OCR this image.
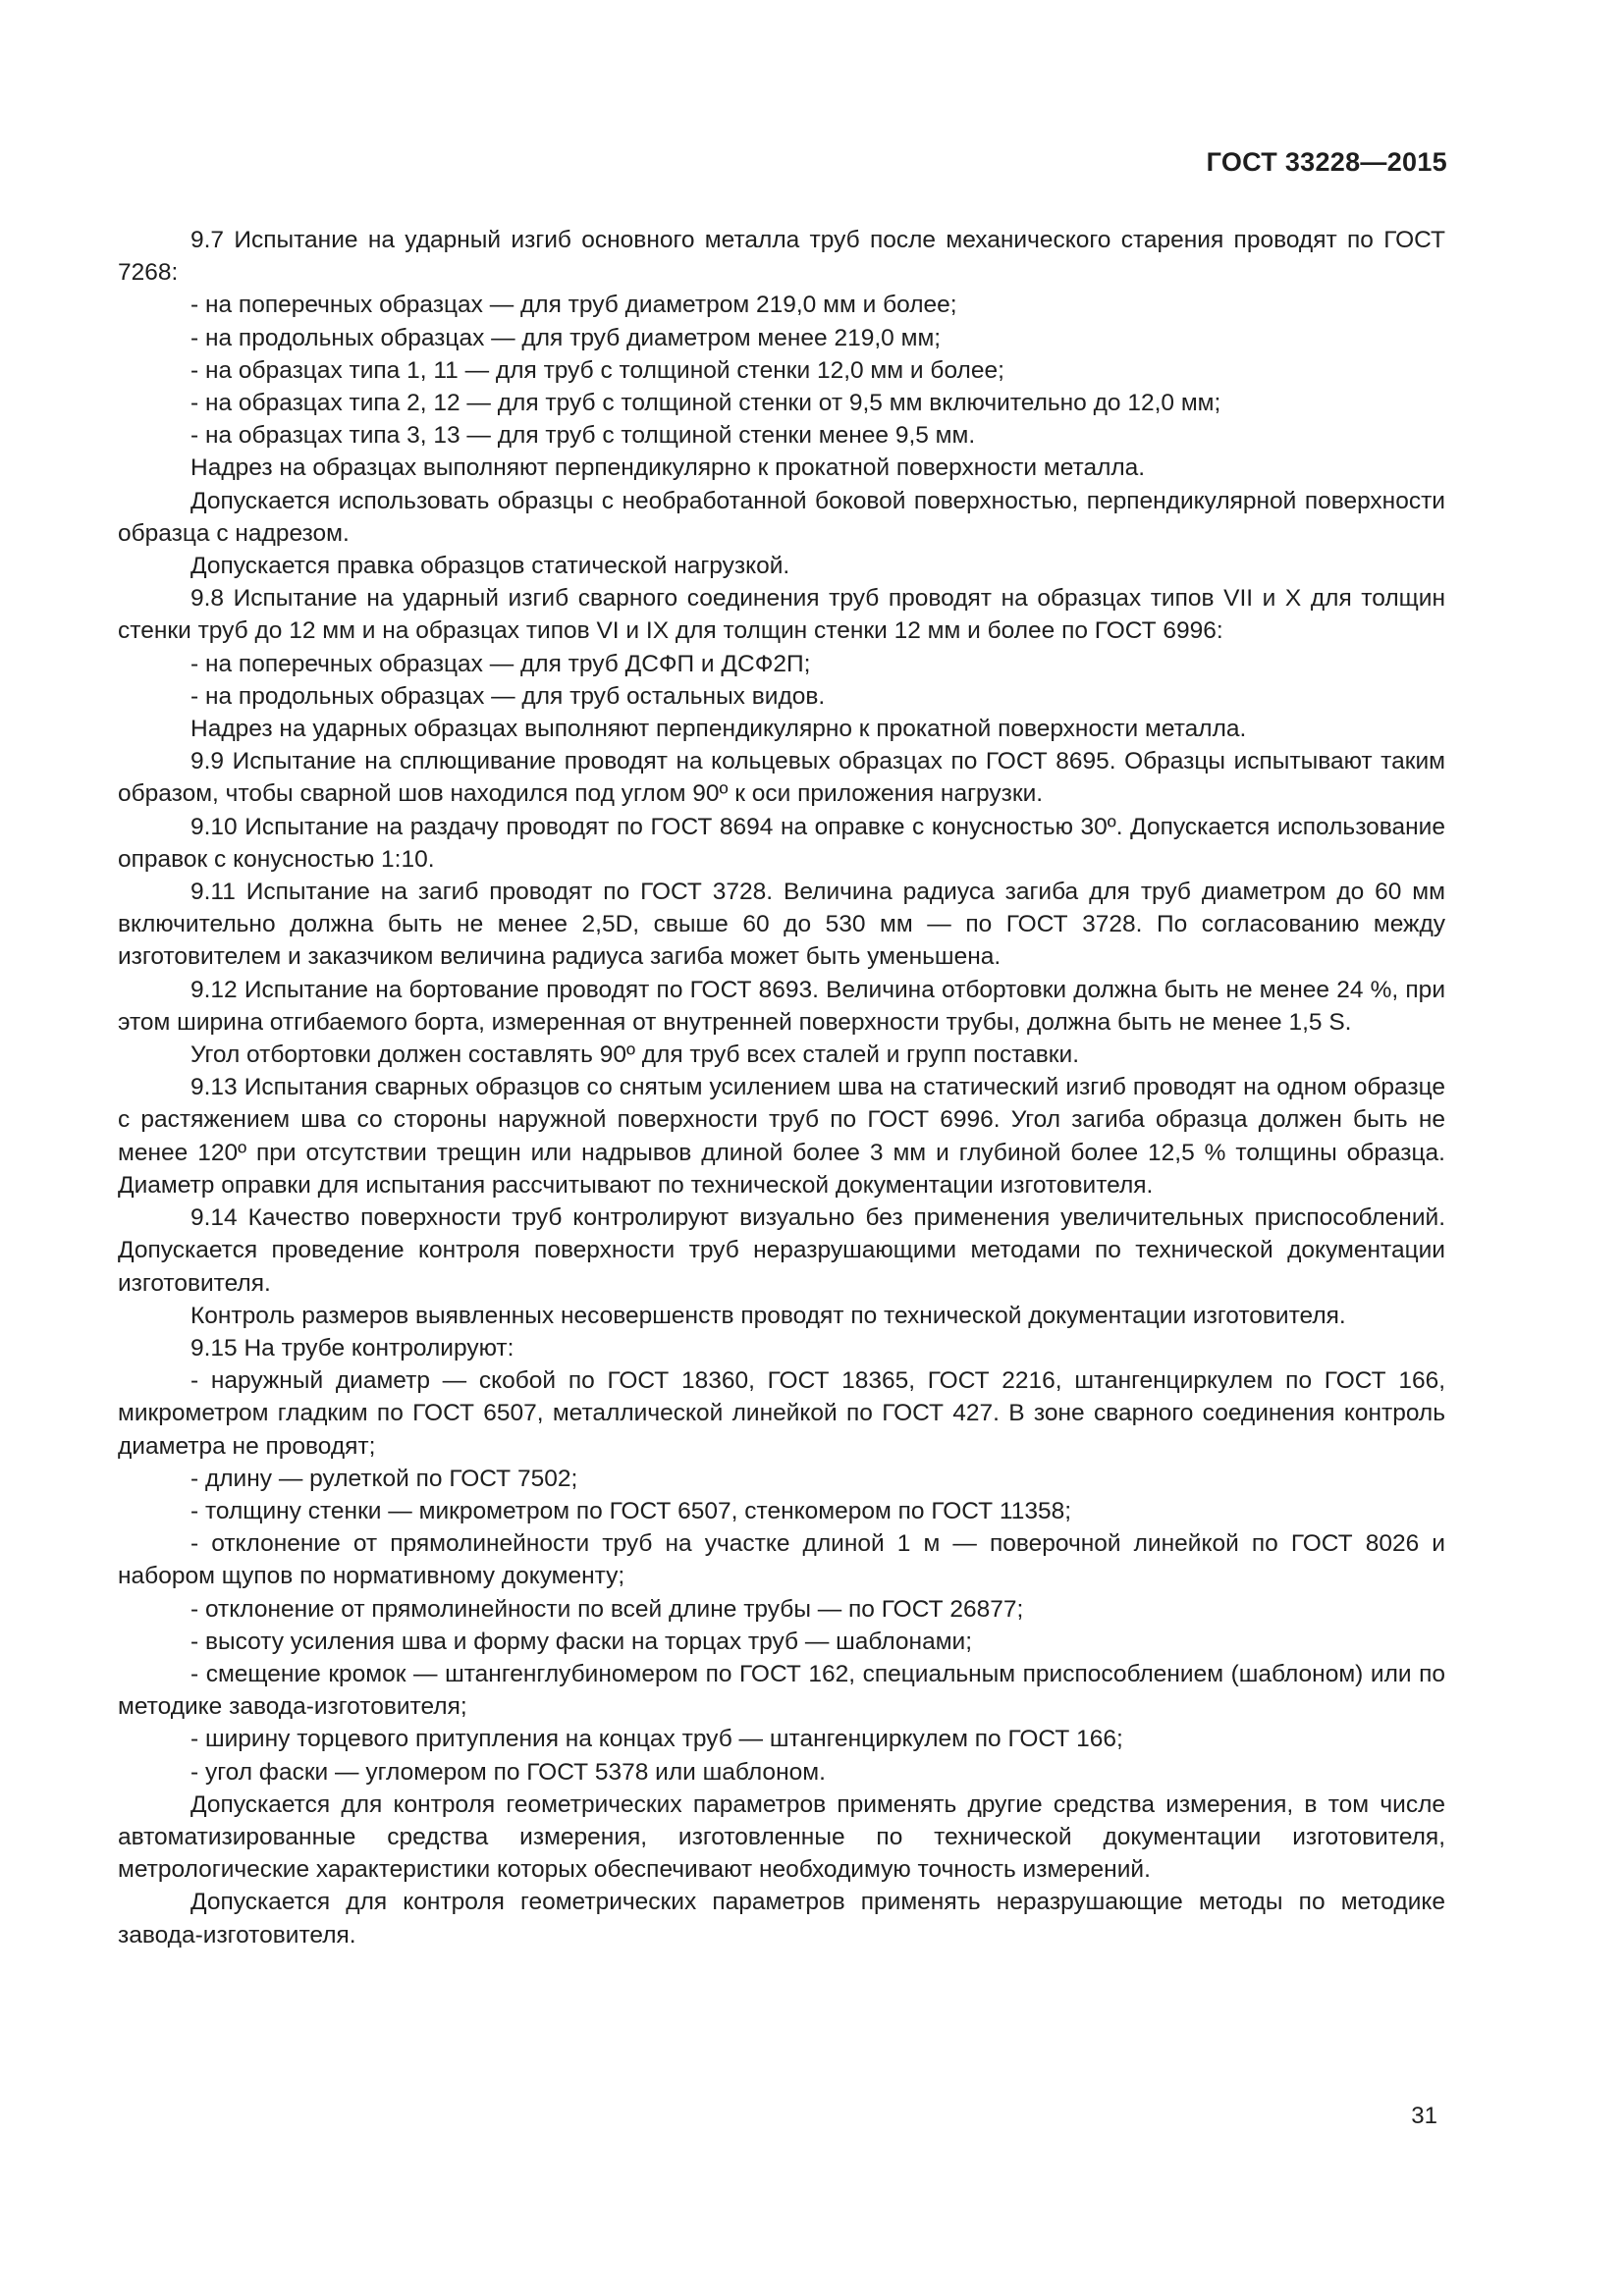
ГОСТ 33228—2015

9.7 Испытание на ударный изгиб основного металла труб после механического старения проводят по ГОСТ 7268:

- на поперечных образцах — для труб диаметром 219,0 мм и более;

- на продольных образцах — для труб диаметром менее 219,0 мм;

- на образцах типа 1, 11 — для труб с толщиной стенки 12,0 мм и более;

- на образцах типа 2, 12 — для труб с толщиной стенки от 9,5 мм включительно до 12,0 мм;

- на образцах типа 3, 13 — для труб с толщиной стенки менее 9,5 мм.

Надрез на образцах выполняют перпендикулярно к прокатной поверхности металла.

Допускается использовать образцы с необработанной боковой поверхностью, перпендикулярной поверхности образца с надрезом.

Допускается правка образцов статической нагрузкой.

9.8 Испытание на ударный изгиб сварного соединения труб проводят на образцах типов VII и X для толщин стенки труб до 12 мм и на образцах типов VI и IX для толщин стенки 12 мм и более по ГОСТ 6996:

- на поперечных образцах — для труб ДСФП и ДСФ2П;

- на продольных образцах — для труб остальных видов.

Надрез на ударных образцах выполняют перпендикулярно к прокатной поверхности металла.

9.9 Испытание на сплющивание проводят на кольцевых образцах по ГОСТ 8695. Образцы испытывают таким образом, чтобы сварной шов находился под углом 90º к оси приложения нагрузки.

9.10 Испытание на раздачу проводят по ГОСТ 8694 на оправке с конусностью 30º. Допускается использование оправок с конусностью 1:10.

9.11 Испытание на загиб проводят по ГОСТ 3728. Величина радиуса загиба для труб диаметром до 60 мм включительно должна быть не менее 2,5D, свыше 60 до 530 мм — по ГОСТ 3728. По согласованию между изготовителем и заказчиком величина радиуса загиба может быть уменьшена.

9.12 Испытание на бортование проводят по ГОСТ 8693. Величина отбортовки должна быть не менее 24 %, при этом ширина отгибаемого борта, измеренная от внутренней поверхности трубы, должна быть не менее 1,5 S.

Угол отбортовки должен составлять 90º для труб всех сталей и групп поставки.

9.13 Испытания сварных образцов со снятым усилением шва на статический изгиб проводят на одном образце с растяжением шва со стороны наружной поверхности труб по ГОСТ 6996. Угол загиба образца должен быть не менее 120º при отсутствии трещин или надрывов длиной более 3 мм и глубиной более 12,5 % толщины образца. Диаметр оправки для испытания рассчитывают по технической документации изготовителя.

9.14 Качество поверхности труб контролируют визуально без применения увеличительных приспособлений. Допускается проведение контроля поверхности труб неразрушающими методами по технической документации изготовителя.

Контроль размеров выявленных несовершенств проводят по технической документации изготовителя.

9.15 На трубе контролируют:

- наружный диаметр — скобой по ГОСТ 18360, ГОСТ 18365, ГОСТ 2216, штангенциркулем по ГОСТ 166, микрометром гладким по ГОСТ 6507, металлической линейкой по ГОСТ 427. В зоне сварного соединения контроль диаметра не проводят;

- длину — рулеткой по ГОСТ 7502;

- толщину стенки — микрометром по ГОСТ 6507, стенкомером по ГОСТ 11358;

- отклонение от прямолинейности труб на участке длиной 1 м — поверочной линейкой по ГОСТ 8026 и набором щупов по нормативному документу;

- отклонение от прямолинейности по всей длине трубы — по ГОСТ 26877;

- высоту усиления шва и форму фаски на торцах труб — шаблонами;

- смещение кромок — штангенглубиномером по ГОСТ 162, специальным приспособлением (шаблоном) или по методике завода-изготовителя;

- ширину торцевого притупления на концах труб — штангенциркулем по ГОСТ 166;

- угол фаски — угломером по ГОСТ 5378 или шаблоном.

Допускается для контроля геометрических параметров применять другие средства измерения, в том числе автоматизированные средства измерения, изготовленные по технической документации изготовителя, метрологические характеристики которых обеспечивают необходимую точность измерений.

Допускается для контроля геометрических параметров применять неразрушающие методы по методике завода-изготовителя.

31
